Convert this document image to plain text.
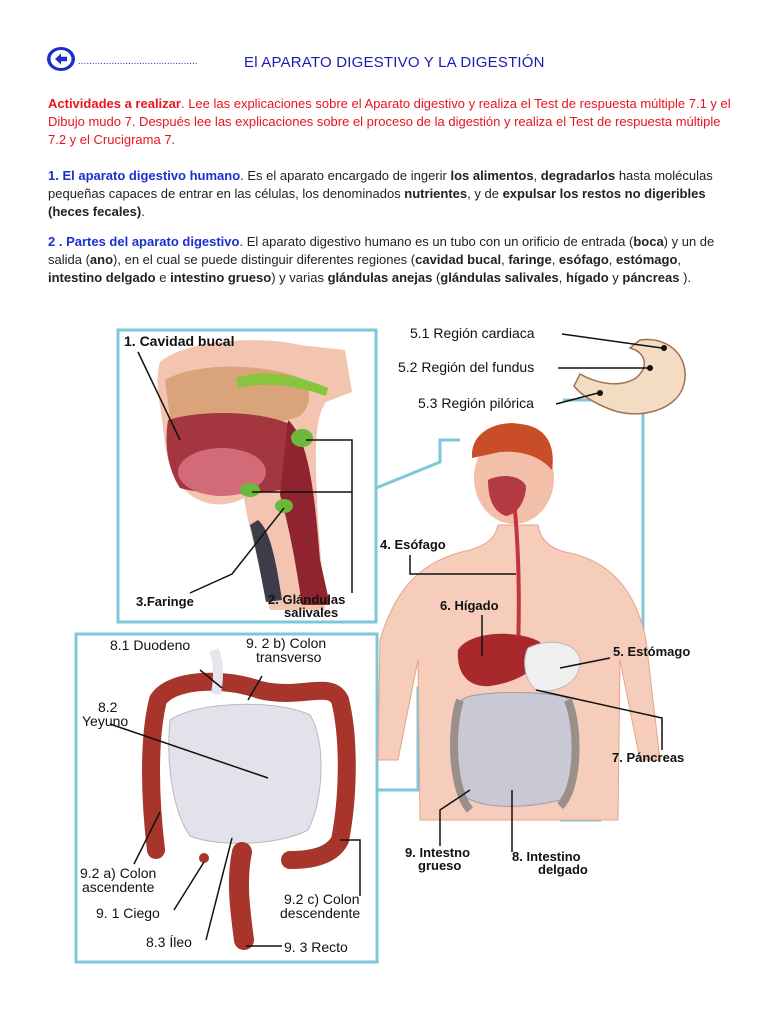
...........................................	El APARATO DIGESTIVO Y LA DIGESTIÓN
Actividades a realizar. Lee las explicaciones sobre el Aparato digestivo y realiza el Test de respuesta múltiple 7.1 y el Dibujo mudo 7. Después lee las explicaciones sobre el proceso de la digestión y realiza el Test de respuesta múltiple 7.2 y el Crucigrama 7.
1. El aparato digestivo humano. Es el aparato encargado de ingerir los alimentos, degradarlos hasta moléculas pequeñas capaces de entrar en las células, los denominados nutrientes, y de expulsar los restos no digeribles (heces fecales).
2 . Partes del aparato digestivo. El aparato digestivo humano es un tubo con un orificio de entrada (boca) y un de salida (ano), en el cual se puede distinguir diferentes regiones (cavidad bucal, faringe, esófago, estómago, intestino delgado e intestino grueso) y varias glándulas anejas (glándulas salivales, hígado y páncreas ).
1. Cavidad bucal
3.Faringe	2. Glándulas
salivales
5.1 Región cardiaca
5.2 Región del fundus
5.3 Región pilórica
4. Esófago
6. Hígado
5. Estómago
7. Páncreas
9. Intestno
grueso
8. Intestino
delgado
8.1 Duodeno	9. 2 b) Colon
transverso
8.2
Yeyuno
9.2 a) Colon
ascendente
9. 1 Ciego
8.3 Íleo
9.2 c) Colon
descendente
9. 3 Recto
